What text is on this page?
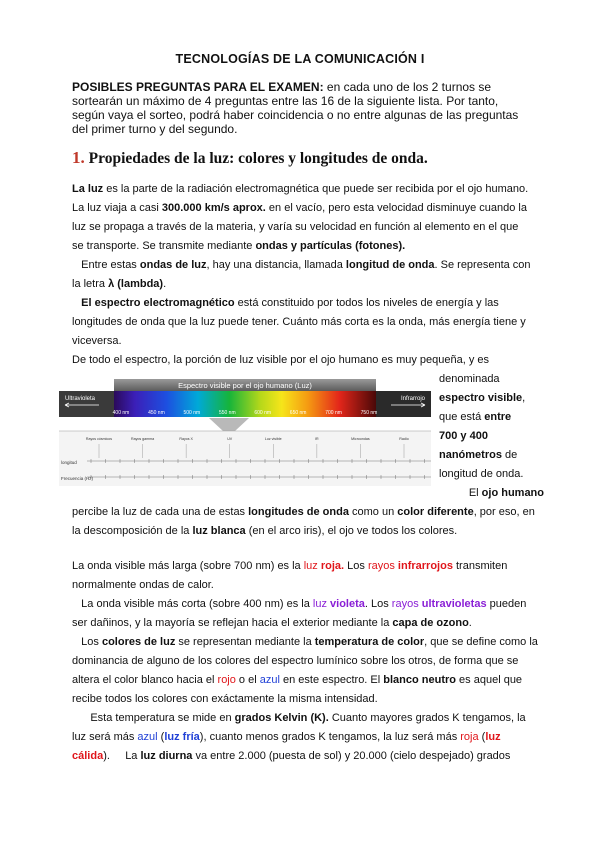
TECNOLOGÍAS DE LA COMUNICACIÓN I
POSIBLES PREGUNTAS PARA EL EXAMEN: en cada uno de los 2 turnos se sortearán un máximo de 4 preguntas entre las 16 de la siguiente lista. Por tanto, según vaya el sorteo, podrá haber coincidencia o no entre algunas de las preguntas del primer turno y del segundo.
1. Propiedades de la luz: colores y longitudes de onda.
La luz es la parte de la radiación electromagnética que puede ser recibida por el ojo humano. La luz viaja a casi 300.000 km/s aprox. en el vacío, pero esta velocidad disminuye cuando la luz se propaga a través de la materia, y varía su velocidad en función al elemento en el que se transporte. Se transmite mediante ondas y partículas (fotones).
Entre estas ondas de luz, hay una distancia, llamada longitud de onda. Se representa con la letra λ (lambda).
El espectro electromagnético está constituido por todos los niveles de energía y las longitudes de onda que la luz puede tener. Cuánto más corta es la onda, más energía tiene y viceversa.
De todo el espectro, la porción de luz visible por el ojo humano es muy pequeña, y es
Espectro visible por el ojo humano (Luz)
Ultravioleta	Infrarrojo
400 nm	450 nm	500 nm	550 nm	600 nm	650 nm	700 nm	750 nm
Rayos cósmicos	Rayos gamma	Rayos X	UV	Luz visible	IR	Microondas	Radio
longitud
Frecuencia (Hz)
denominada
espectro visible,
que está entre
700 y 400
nanómetros de
longitud de onda.
El ojo humano
percibe la luz de cada una de estas longitudes de onda como un color diferente, por eso, en la descomposición de la luz blanca (en el arco iris), el ojo ve todos los colores.
La onda visible más larga (sobre 700 nm) es la luz roja. Los rayos infrarrojos transmiten normalmente ondas de calor.
La onda visible más corta (sobre 400 nm) es la luz violeta. Los rayos ultravioletas pueden ser dañinos, y la mayoría se reflejan hacia el exterior mediante la capa de ozono.
Los colores de luz se representan mediante la temperatura de color, que se define como la dominancia de alguno de los colores del espectro lumínico sobre los otros, de forma que se altera el color blanco hacia el rojo o el azul en este espectro. El blanco neutro es aquel que recibe todos los colores con exáctamente la misma intensidad.
Esta temperatura se mide en grados Kelvin (K). Cuanto mayores grados K tengamos, la luz será más azul (luz fría), cuanto menos grados K tengamos, la luz será más roja (luz cálida).     La luz diurna va entre 2.000 (puesta de sol) y 20.000 (cielo despejado) grados
